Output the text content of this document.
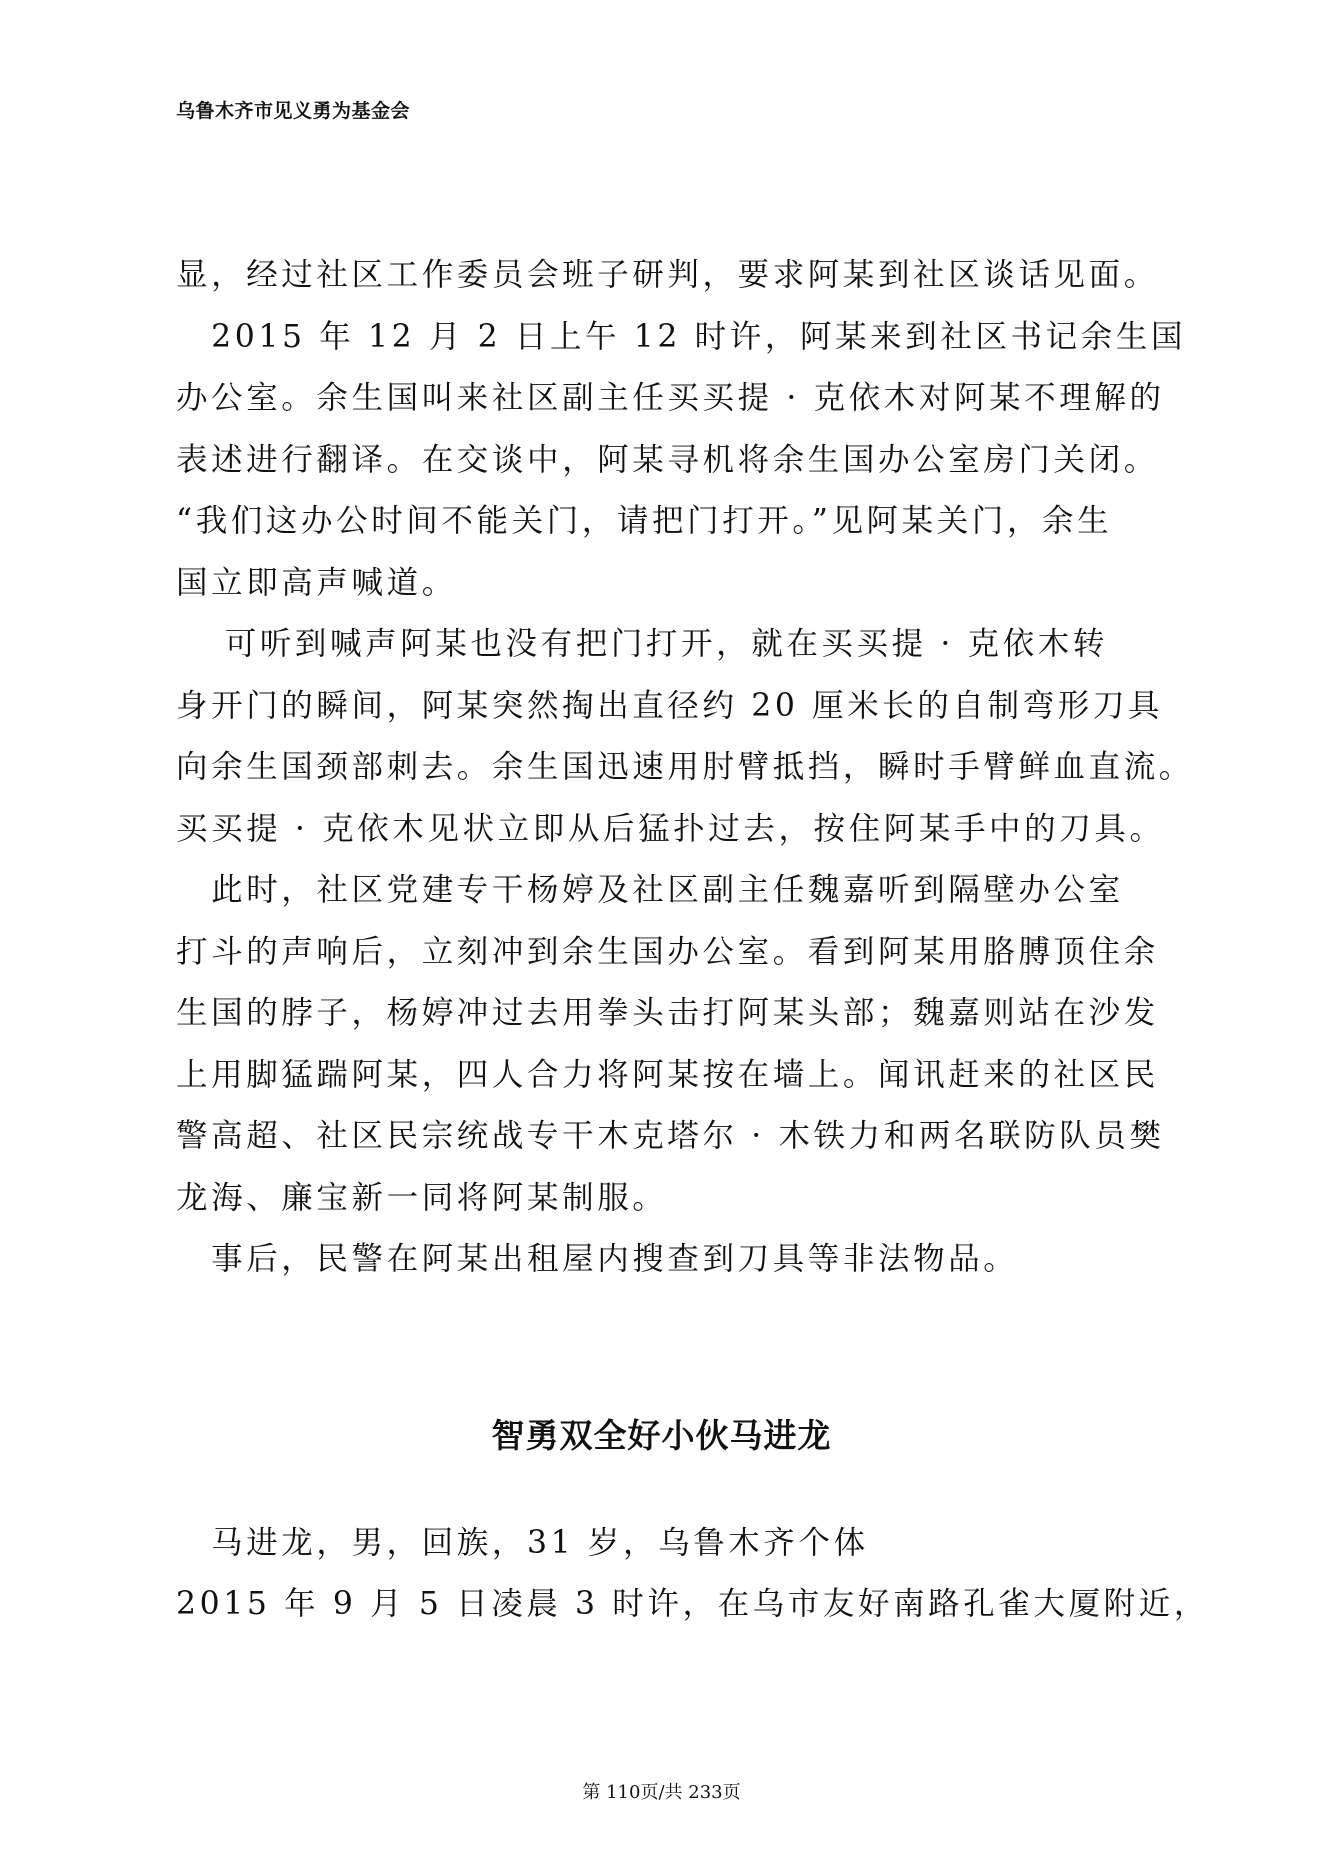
乌鲁木齐市见义勇为基金会
显，经过社区工作委员会班子研判，要求阿某到社区谈话见面。
　2015 年 12 月 2 日上午 12 时许，阿某来到社区书记余生国
办公室。余生国叫来社区副主任买买提 · 克依木对阿某不理解的
表述进行翻译。在交谈中，阿某寻机将余生国办公室房门关闭。
“我们这办公时间不能关门，请把门打开。”见阿某关门，余生
国立即高声喊道。
　 可听到喊声阿某也没有把门打开，就在买买提 · 克依木转
身开门的瞬间，阿某突然掏出直径约 20 厘米长的自制弯形刀具
向余生国颈部刺去。余生国迅速用肘臂抵挡，瞬时手臂鲜血直流。
买买提 · 克依木见状立即从后猛扑过去，按住阿某手中的刀具。
　此时，社区党建专干杨婷及社区副主任魏嘉听到隔壁办公室
打斗的声响后，立刻冲到余生国办公室。看到阿某用胳膊顶住余
生国的脖子，杨婷冲过去用拳头击打阿某头部；魏嘉则站在沙发
上用脚猛踹阿某，四人合力将阿某按在墙上。闻讯赶来的社区民
警高超、社区民宗统战专干木克塔尔 · 木铁力和两名联防队员樊
龙海、廉宝新一同将阿某制服。
　事后，民警在阿某出租屋内搜查到刀具等非法物品。
智勇双全好小伙马进龙
　马进龙，男，回族，31 岁，乌鲁木齐个体
2015 年 9 月 5 日凌晨 3 时许，在乌市友好南路孔雀大厦附近，
第 110页/共 233页
